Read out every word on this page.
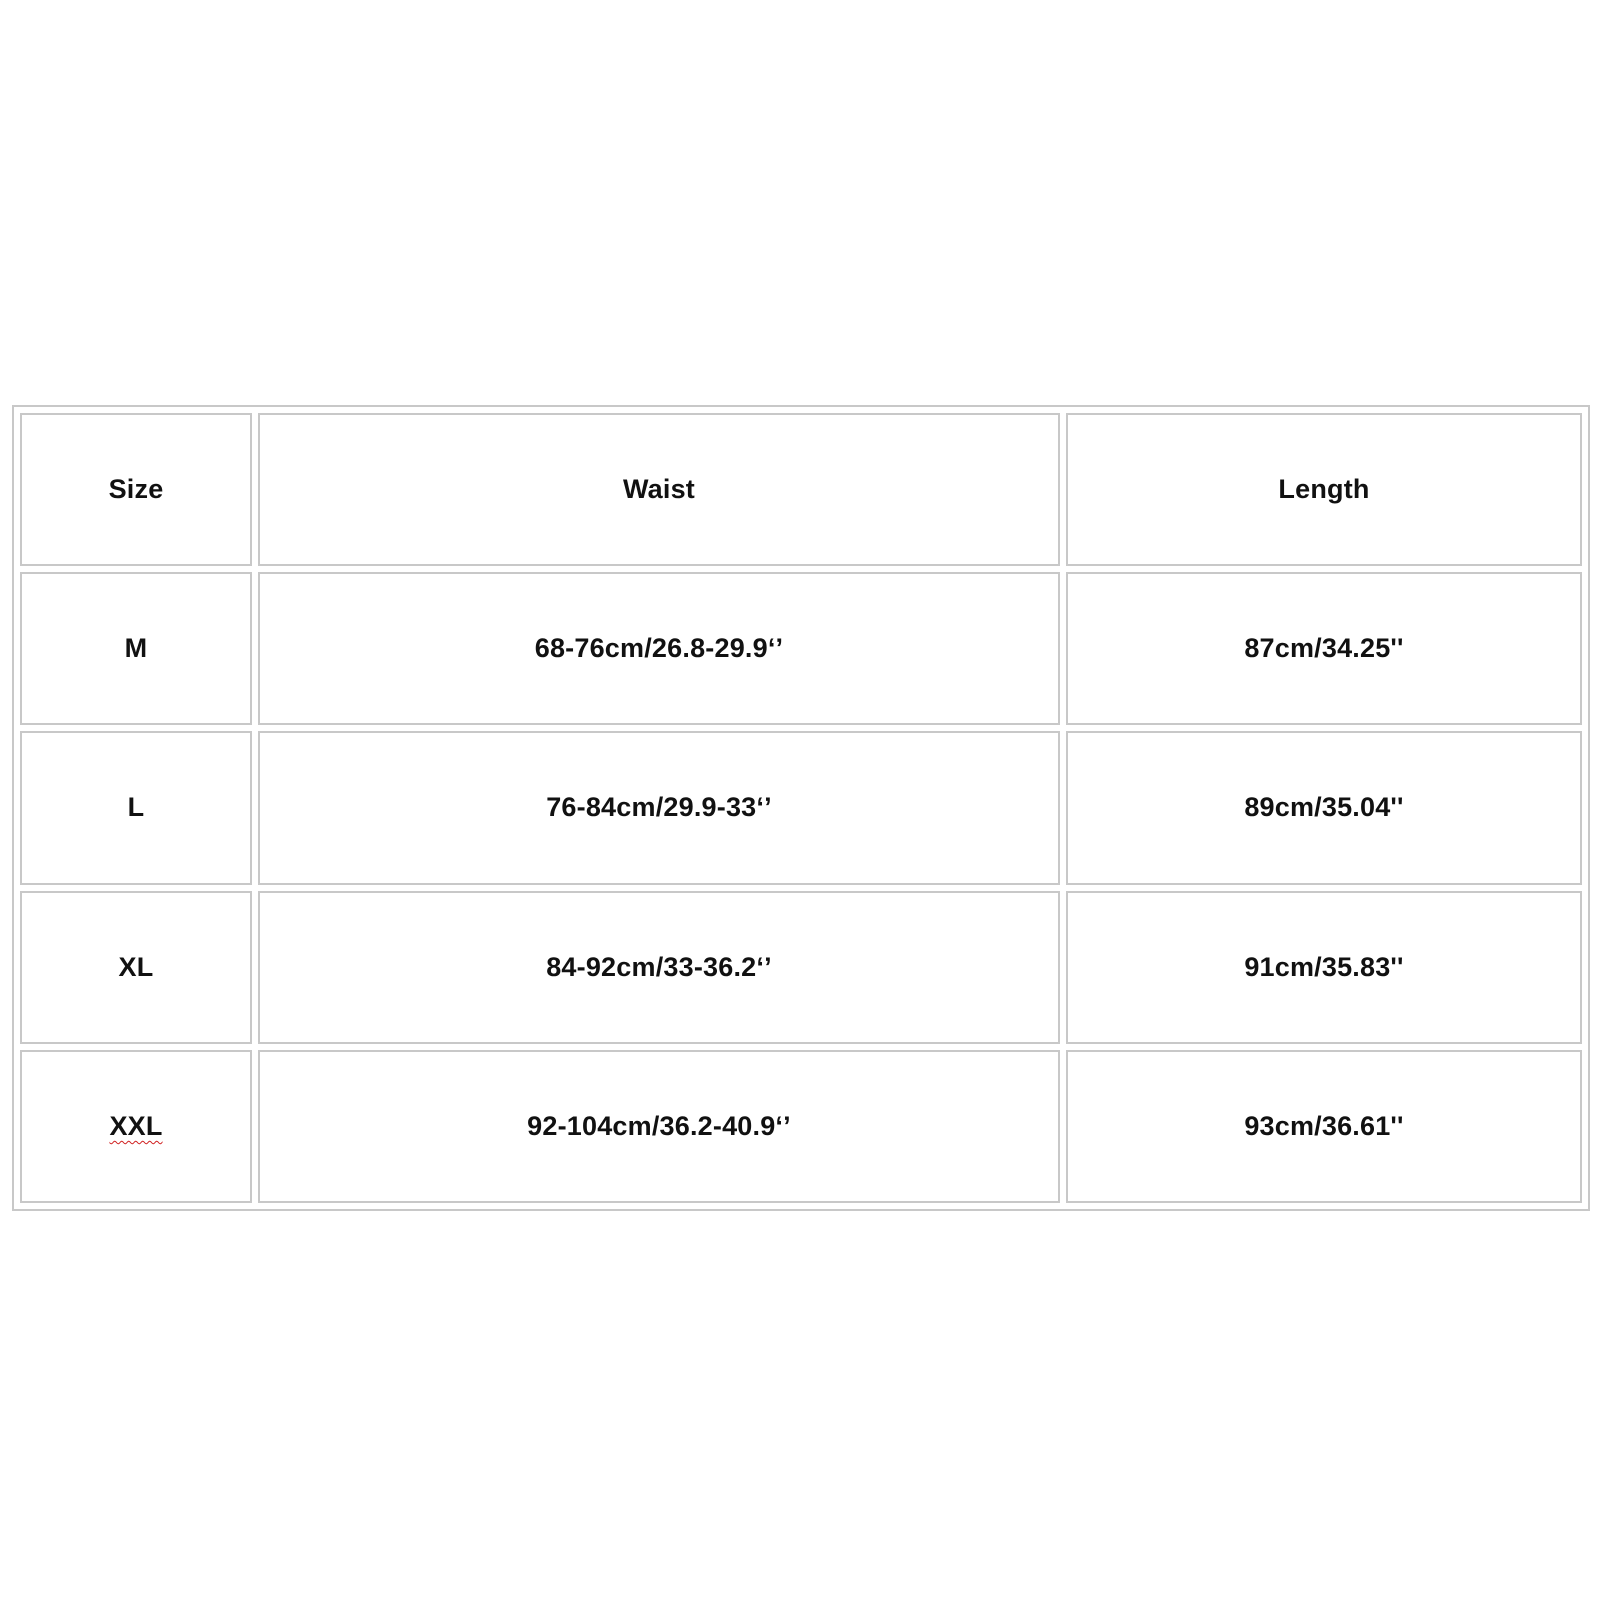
Size	Waist	Length
M	68-76cm/26.8-29.9‘’	87cm/34.25''
L	76-84cm/29.9-33‘’	89cm/35.04''
XL	84-92cm/33-36.2‘’	91cm/35.83''
XXL	92-104cm/36.2-40.9‘’	93cm/36.61''
